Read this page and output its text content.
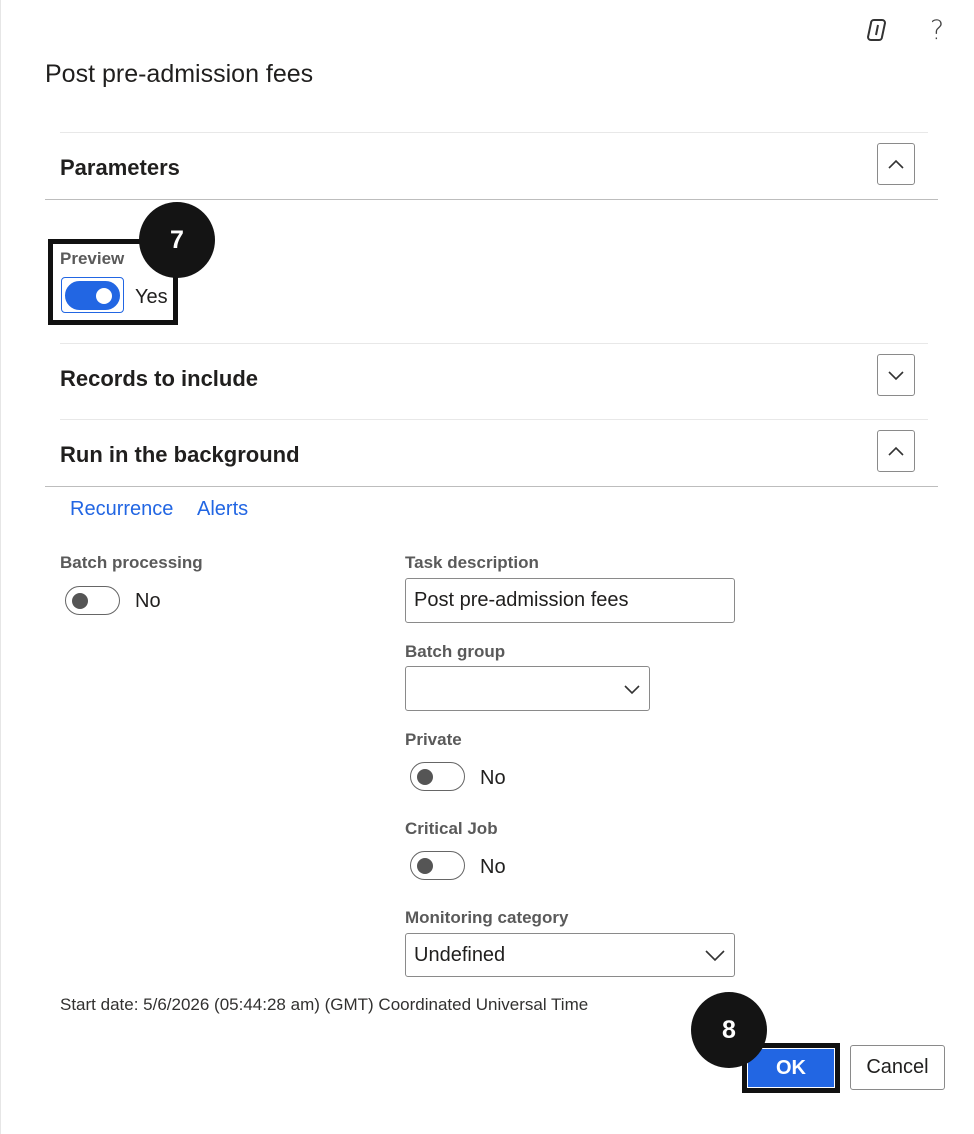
?
Post pre-admission fees
Parameters
Preview
Yes
7
Records to include
Run in the background
Recurrence Alerts
Batch processing
No
Task description
Post pre-admission fees
Batch group
Private
No
Critical Job
No
Monitoring category
Undefined
Start date: 5/6/2026 (05:44:28 am) (GMT) Coordinated Universal Time
OK
8
Cancel
